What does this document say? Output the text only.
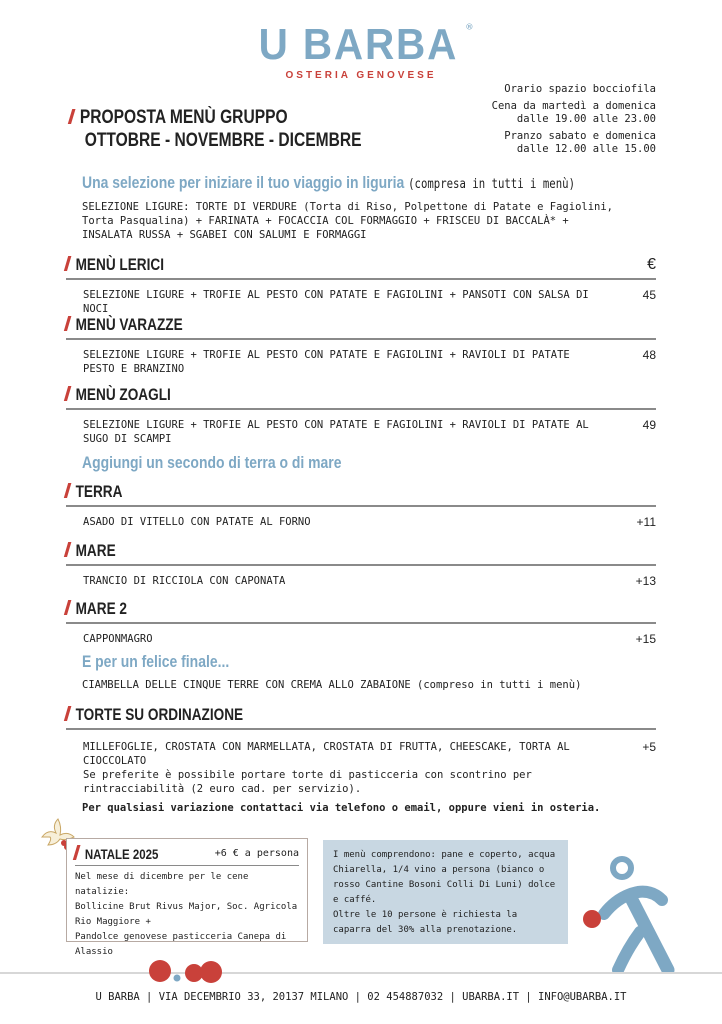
U BARBA ®
OSTERIA GENOVESE
PROPOSTA MENÙ GRUPPO
OTTOBRE - NOVEMBRE - DICEMBRE
Orario spazio bocciofila
Cena da martedì a domenica
dalle 19.00 alle 23.00
Pranzo sabato e domenica
dalle 12.00 alle 15.00
Una selezione per iniziare il tuo viaggio in liguria (compresa in tutti i menù)
SELEZIONE LIGURE: TORTE DI VERDURE (Torta di Riso, Polpettone di Patate e Fagiolini, Torta Pasqualina) + FARINATA + FOCACCIA COL FORMAGGIO + FRISCEU DI BACCALÀ* + INSALATA RUSSA + SGABEI CON SALUMI E FORMAGGI
MENÙ LERICI	€
SELEZIONE LIGURE + TROFIE AL PESTO CON PATATE E FAGIOLINI + PANSOTI CON SALSA DI NOCI
45
MENÙ VARAZZE
SELEZIONE LIGURE + TROFIE AL PESTO CON PATATE E FAGIOLINI + RAVIOLI DI PATATE PESTO E BRANZINO
48
MENÙ ZOAGLI
SELEZIONE LIGURE + TROFIE AL PESTO CON PATATE E FAGIOLINI + RAVIOLI DI PATATE AL SUGO DI SCAMPI
49
Aggiungi un secondo di terra o di mare
TERRA
ASADO DI VITELLO CON PATATE AL FORNO	+11
MARE
TRANCIO DI RICCIOLA CON CAPONATA	+13
MARE 2
CAPPONMAGRO	+15
E per un felice finale...
CIAMBELLA DELLE CINQUE TERRE CON CREMA ALLO ZABAIONE (compreso in tutti i menù)
TORTE SU ORDINAZIONE
MILLEFOGLIE, CROSTATA CON MARMELLATA, CROSTATA DI FRUTTA, CHEESCAKE, TORTA AL CIOCCOLATO
+5
Se preferite è possibile portare torte di pasticceria con scontrino per rintracciabilità (2 euro cad. per servizio).
Per qualsiasi variazione contattaci via telefono o email, oppure vieni in osteria.
NATALE 2025	+6 € a persona
Nel mese di dicembre per le cene natalizie:
Bollicine Brut Rivus Major, Soc. Agricola
Rio Maggiore +
Pandolce genovese pasticceria Canepa di Alassio
I menù comprendono: pane e coperto, acqua Chiarella, 1/4 vino a persona (bianco o rosso Cantine Bosoni Colli Di Luni) dolce e caffé.
Oltre le 10 persone è richiesta la caparra del 30% alla prenotazione.
U BARBA | VIA DECEMBRIO 33, 20137 MILANO | 02 454887032 | UBARBA.IT | INFO@UBARBA.IT
